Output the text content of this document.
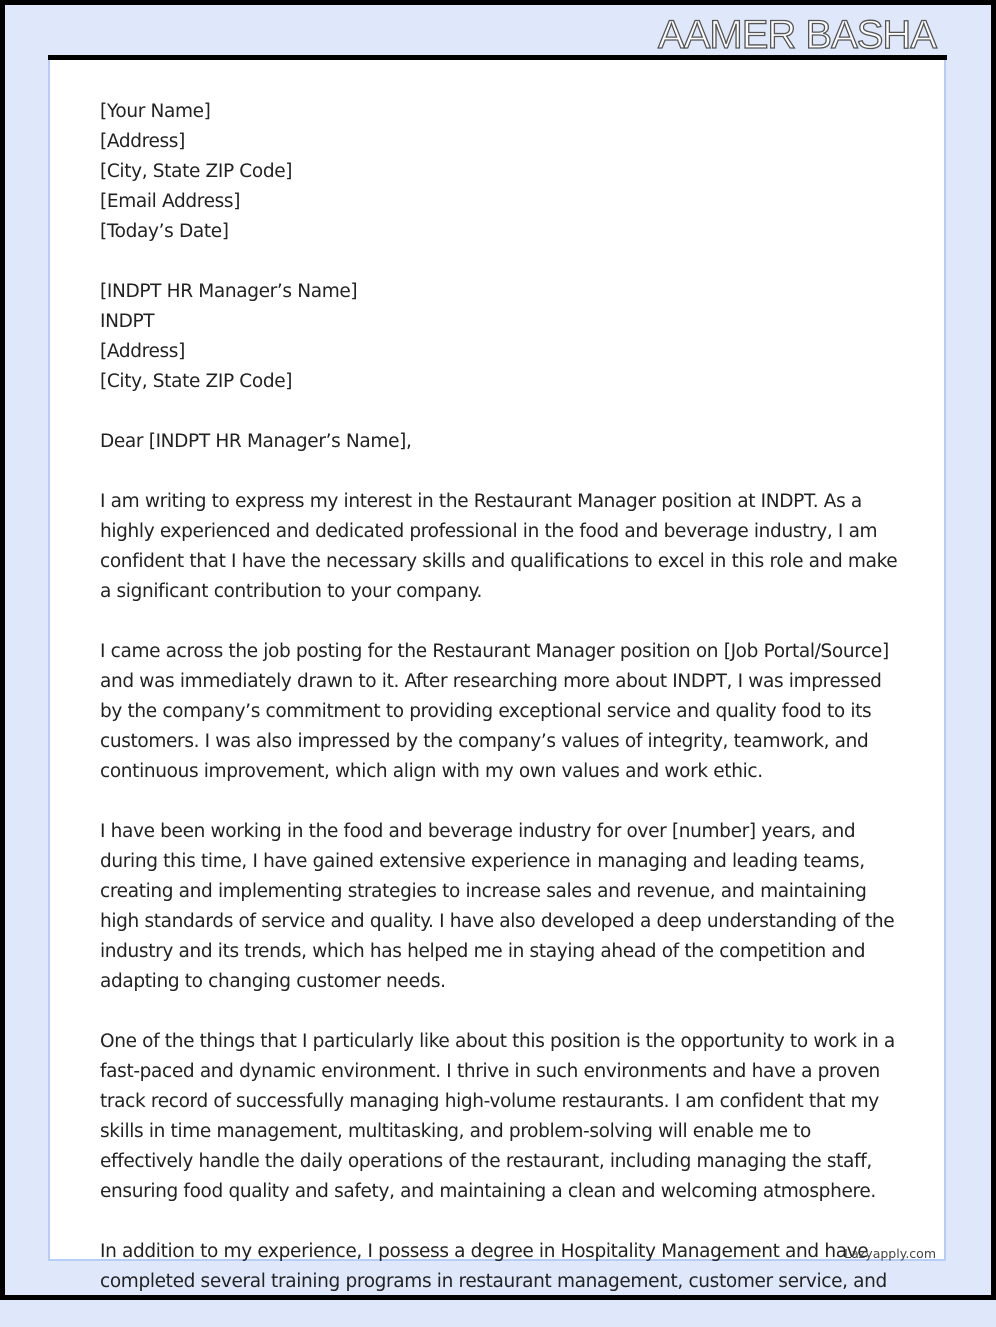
AAMER BASHA
[Your Name]
[Address]
[City, State ZIP Code]
[Email Address]
[Today’s Date]
[INDPT HR Manager’s Name]
INDPT
[Address]
[City, State ZIP Code]
Dear [INDPT HR Manager’s Name],

I am writing to express my interest in the Restaurant Manager position at INDPT. As a highly experienced and dedicated professional in the food and beverage industry, I am confident that I have the necessary skills and qualifications to excel in this role and make a significant contribution to your company.

I came across the job posting for the Restaurant Manager position on [Job Portal/Source] and was immediately drawn to it. After researching more about INDPT, I was impressed by the company’s commitment to providing exceptional service and quality food to its customers. I was also impressed by the company’s values of integrity, teamwork, and continuous improvement, which align with my own values and work ethic.

I have been working in the food and beverage industry for over [number] years, and during this time, I have gained extensive experience in managing and leading teams, creating and implementing strategies to increase sales and revenue, and maintaining high standards of service and quality. I have also developed a deep understanding of the industry and its trends, which has helped me in staying ahead of the competition and adapting to changing customer needs.

One of the things that I particularly like about this position is the opportunity to work in a fast-paced and dynamic environment. I thrive in such environments and have a proven track record of successfully managing high-volume restaurants. I am confident that my skills in time management, multitasking, and problem-solving will enable me to effectively handle the daily operations of the restaurant, including managing the staff, ensuring food quality and safety, and maintaining a clean and welcoming atmosphere.

In addition to my experience, I possess a degree in Hospitality Management and have completed several training programs in restaurant management, customer service, and

Lazyapply.com
